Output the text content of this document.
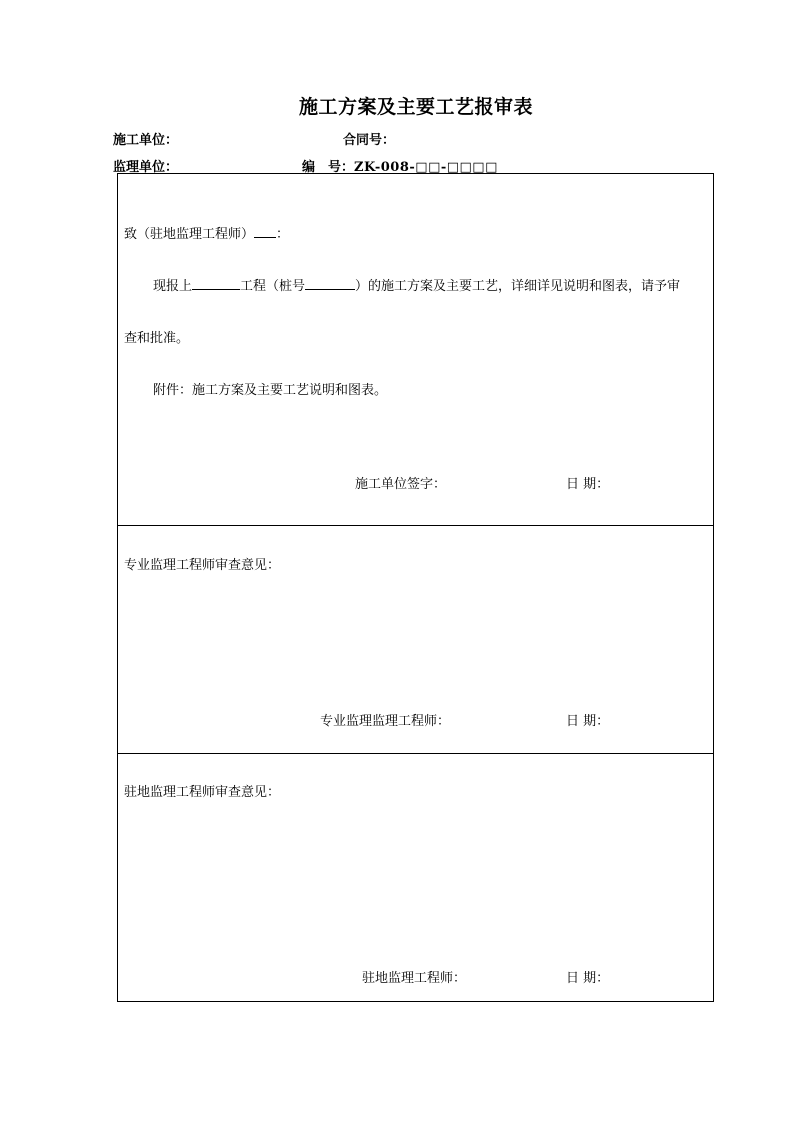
施工方案及主要工艺报审表
施工单位：	合同号：
监理单位：	编　号：ZK-008-□□-□□□□
致（驻地监理工程师） ：
现报上	工程（桩号	）的施工方案及主要工艺，详细详见说明和图表，请予审
查和批准。
附件：施工方案及主要工艺说明和图表。
施工单位签字：	日 期：
专业监理工程师审查意见：
专业监理监理工程师：	日 期：
驻地监理工程师审查意见：
驻地监理工程师：	日 期：
